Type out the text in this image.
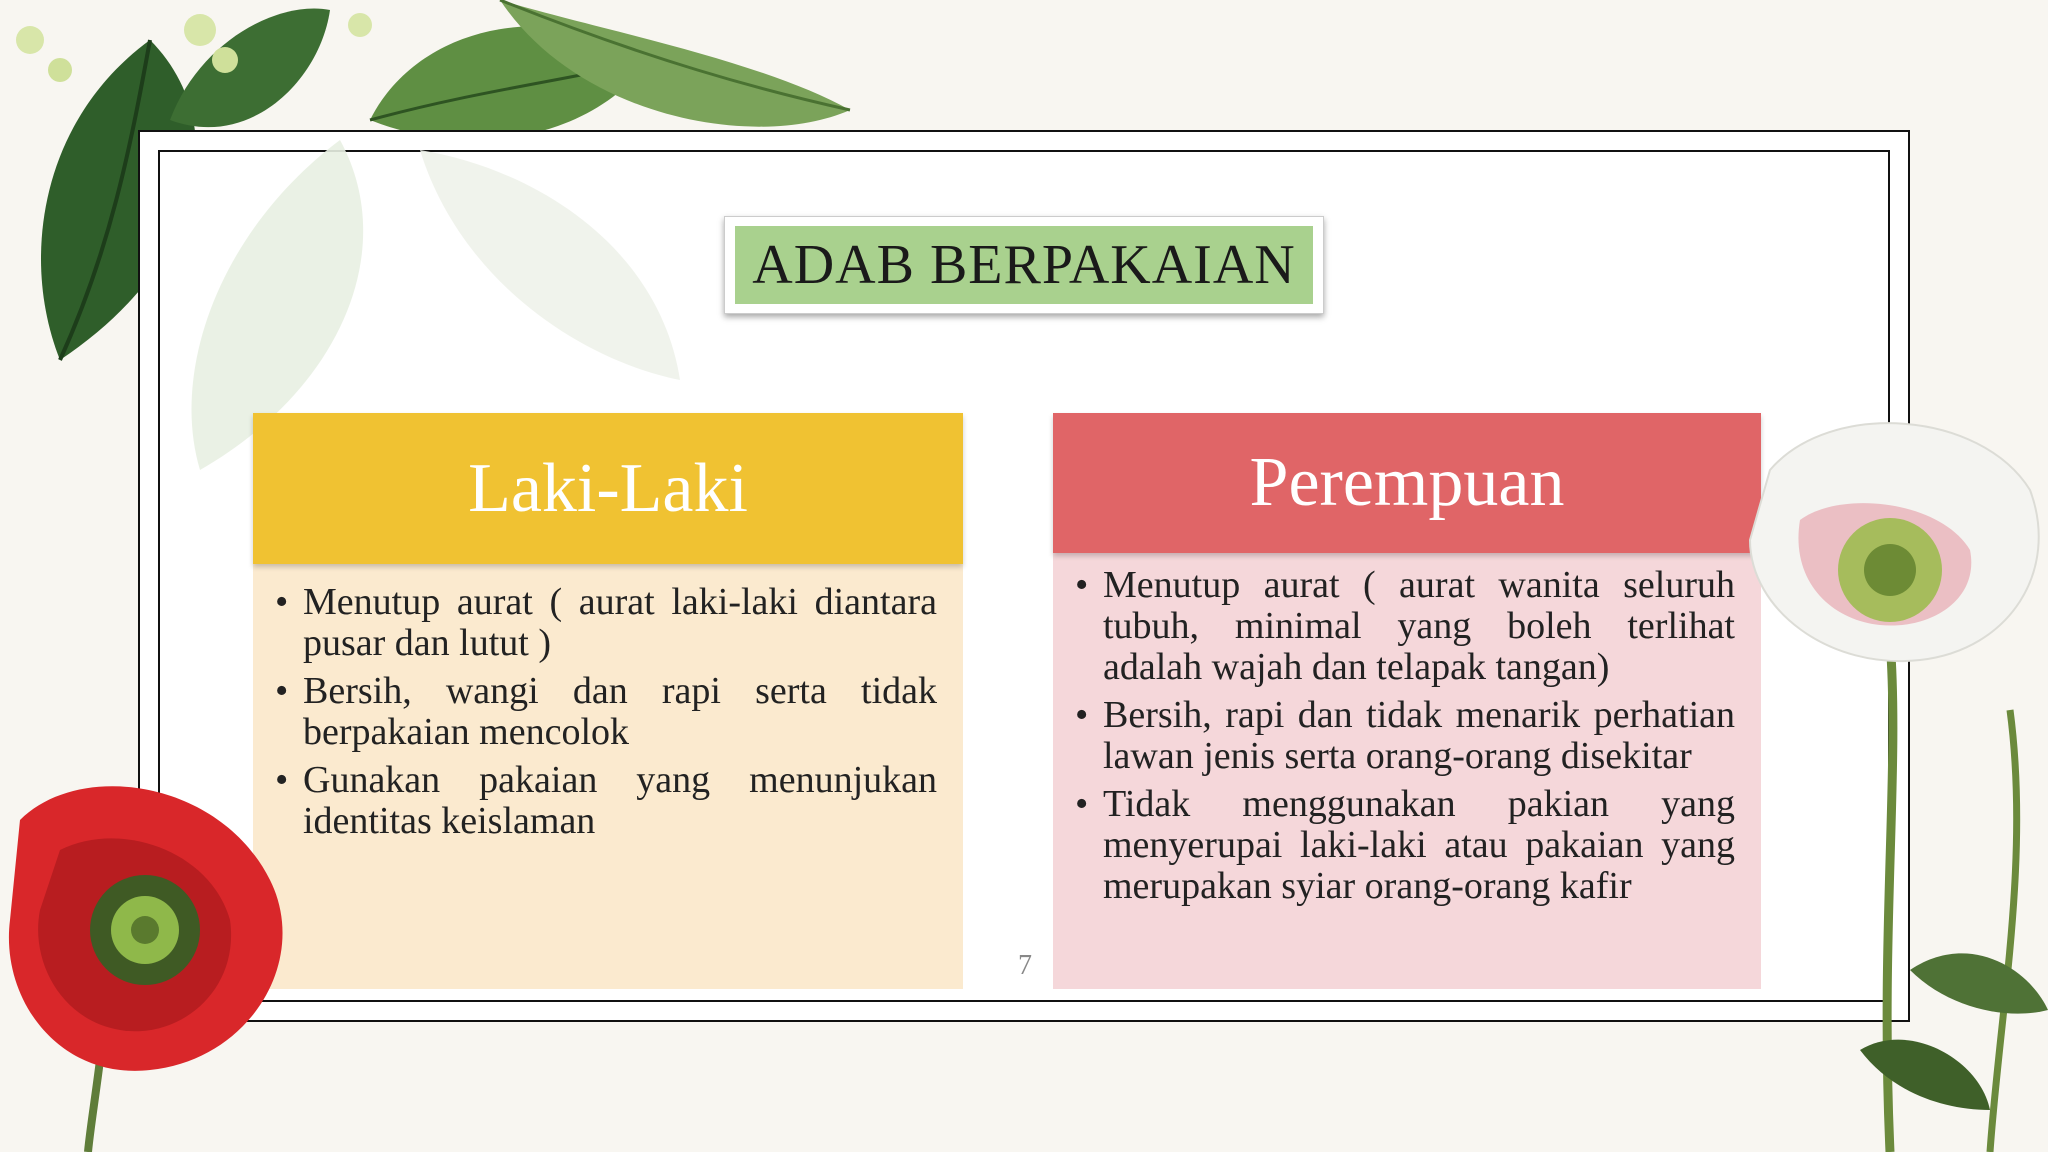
ADAB BERPAKAIAN
• Menutup aurat ( aurat laki-laki diantara pusar dan lutut )
• Bersih, wangi dan rapi serta tidak berpakaian mencolok
• Gunakan pakaian yang menunjukan identitas keislaman
Laki-Laki
• Menutup aurat ( aurat wanita seluruh tubuh, minimal yang boleh terlihat adalah wajah dan telapak tangan)
• Bersih, rapi dan tidak menarik perhatian lawan jenis serta orang-orang disekitar
• Tidak menggunakan pakian yang menyerupai laki-laki atau pakaian yang merupakan syiar orang-orang kafir
Perempuan
7
